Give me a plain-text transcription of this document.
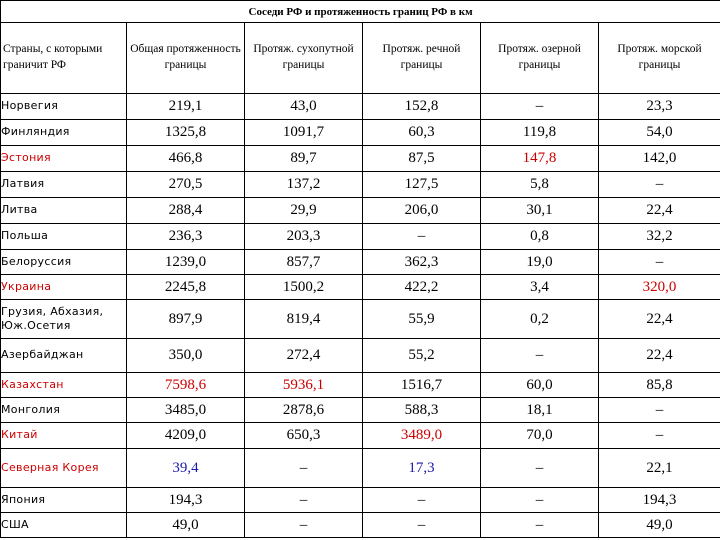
Соседи РФ и протяженность границ РФ в км					
Страны, с которыми граничит РФ	Общая протяженность границы	Протяж. сухопутной границы	Протяж. речной границы	Протяж. озерной границы	Протяж. морской границы
Норвегия	219,1	43,0	152,8	–	23,3
Финляндия	1325,8	1091,7	60,3	119,8	54,0
Эстония	466,8	89,7	87,5	147,8	142,0
Латвия	270,5	137,2	127,5	5,8	–
Литва	288,4	29,9	206,0	30,1	22,4
Польша	236,3	203,3	–	0,8	32,2
Белоруссия	1239,0	857,7	362,3	19,0	–
Украина	2245,8	1500,2	422,2	3,4	320,0
Грузия, Абхазия, Юж.Осетия	897,9	819,4	55,9	0,2	22,4
Азербайджан	350,0	272,4	55,2	–	22,4
Казахстан	7598,6	5936,1	1516,7	60,0	85,8
Монголия	3485,0	2878,6	588,3	18,1	–
Китай	4209,0	650,3	3489,0	70,0	–
Северная Корея	39,4	–	17,3	–	22,1
Япония	194,3	–	–	–	194,3
США	49,0	–	–	–	49,0
